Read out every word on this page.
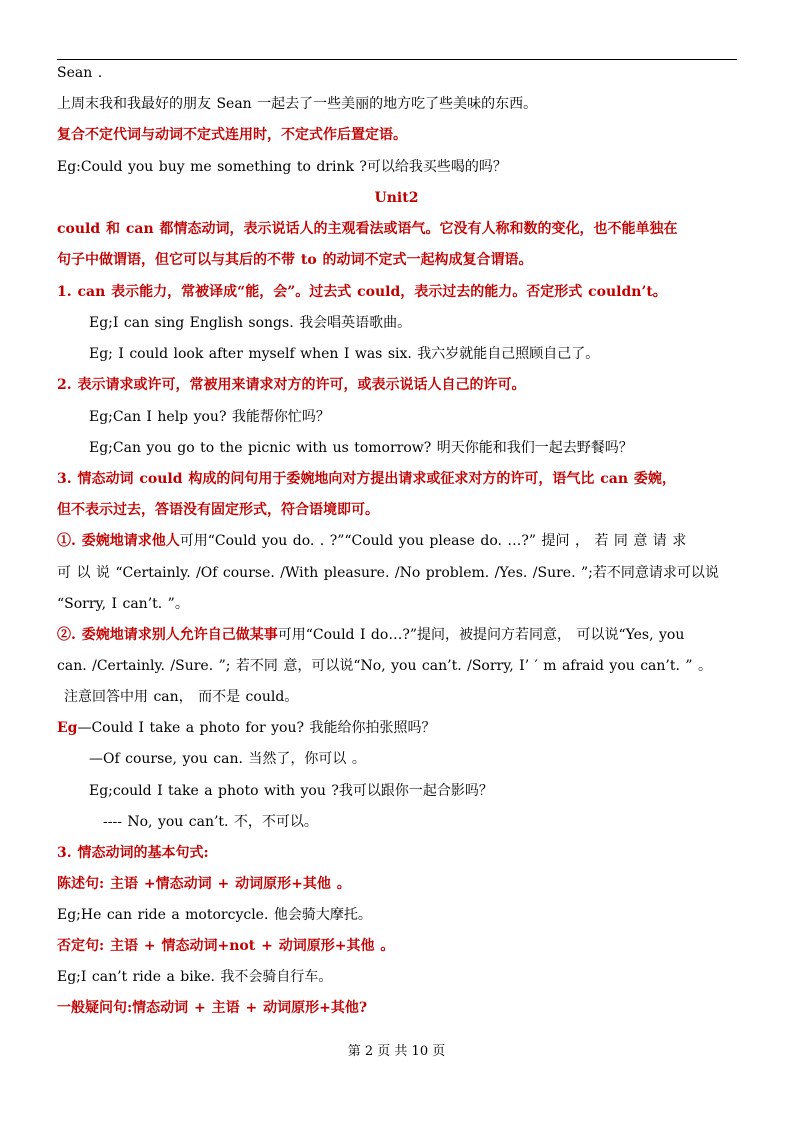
Sean .
上周末我和我最好的朋友 Sean 一起去了一些美丽的地方吃了些美味的东西。
复合不定代词与动词不定式连用时，不定式作后置定语。
Eg:Could you buy me something to drink ?可以给我买些喝的吗？
Unit2
could 和 can 都情态动词，表示说话人的主观看法或语气。它没有人称和数的变化，也不能单独在
句子中做谓语，但它可以与其后的不带 to 的动词不定式一起构成复合谓语。
1. can 表示能力，常被译成“能，会”。过去式 could，表示过去的能力。否定形式 couldn’t。
Eg;I can sing English songs. 我会唱英语歌曲。
Eg; I could look after myself when I was six. 我六岁就能自己照顾自己了。
2. 表示请求或许可，常被用来请求对方的许可，或表示说话人自己的许可。
Eg;Can I help you? 我能帮你忙吗？
Eg;Can you go to the picnic with us tomorrow? 明天你能和我们一起去野餐吗？
3. 情态动词 could 构成的问句用于委婉地向对方提出请求或征求对方的许可，语气比 can 委婉，
但不表示过去，答语没有固定形式，符合语境即可。
①. 委婉地请求他人可用“Could you do. . ?”“Could you please do. …?” 提问 ， 若 同 意 请 求
可 以 说 “Certainly. /Of course. /With pleasure. /No problem. /Yes. /Sure. ”;若不同意请求可以说
“Sorry, I can’t. ”。
②. 委婉地请求别人允许自己做某事可用“Could I do…?”提问，被提问方若同意， 可以说“Yes, you
can. /Certainly. /Sure. ”; 若不同 意，可以说“No, you can’t. /Sorry, I’ ′ m afraid you can’t. ” 。
注意回答中用 can， 而不是 could。
Eg—Could I take a photo for you? 我能给你拍张照吗？
—Of course, you can. 当然了，你可以 。
Eg;could I take a photo with you ?我可以跟你一起合影吗？
---- No, you can’t. 不，不可以。
3. 情态动词的基本句式:
陈述句: 主语 +情态动词 + 动词原形+其他 。
Eg;He can ride a motorcycle. 他会骑大摩托。
否定句: 主语 + 情态动词+not + 动词原形+其他 。
Eg;I can’t ride a bike. 我不会骑自行车。
一般疑问句:情态动词 + 主语 + 动词原形+其他?
第 2 页 共 10 页
